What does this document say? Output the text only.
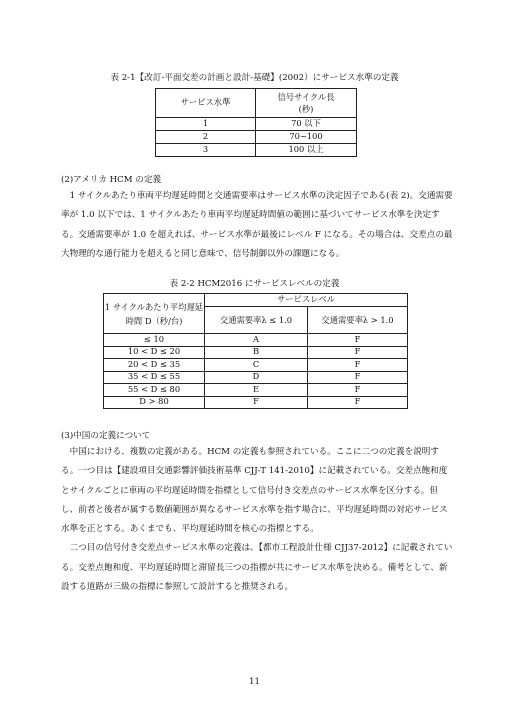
表 2-1【改訂-平面交差の計画と設計-基礎】(2002）にサービス水準の定義
サービス水準	信号サイクル長
(秒)
1	70 以下
2	70~100
3	100 以上
(2)アメリカ HCM の定義

1 サイクルあたり車両平均遅延時間と交通需要率はサービス水準の決定因子である(表 2)。交通需要率が 1.0 以下では、1 サイクルあたり車両平均遅延時間値の範囲に基づいてサービス水準を決定する。交通需要率が 1.0 を超えれば、サービス水準が最後にレベル F になる。その場合は、交差点の最大物理的な通行能力を超えると同じ意味で、信号制御以外の課題になる。

表 2-2 HCM2016 にサービスレベルの定義
1 サイクルあたり平均遅延時間 D（秒/台)	サービスレベル	
	交通需要率λ ≤ 1.0	交通需要率λ > 1.0
≤ 10	A	F
10 < D ≤ 20	B	F
20 < D ≤ 35	C	F
35 < D ≤ 55	D	F
55 < D ≤ 80	E	F
D > 80	F	F
(3)中国の定義について

中国における、複数の定義がある。HCM の定義も参照されている。ここに二つの定義を説明する。一つ目は【建設項目交通影響評価技術基準 CJJ-T 141-2010】に記載されている。交差点飽和度とサイクルごとに車両の平均遅延時間を指標として信号付き交差点のサービス水準を区分する。但し、前者と後者が属する数値範囲が異なるサービス水準を指す場合に、平均遅延時間の対応サービス水準を正とする。あくまでも、平均遅延時間を核心の指標とする。

二つ目の信号付き交差点サービス水準の定義は、【都市工程設計仕様 CJJ37-2012】に記載されている。交差点飽和度、平均遅延時間と滞留長三つの指標が共にサービス水準を決める。備考として、新設する道路が三級の指標に参照して設計すると推奨される。

11
